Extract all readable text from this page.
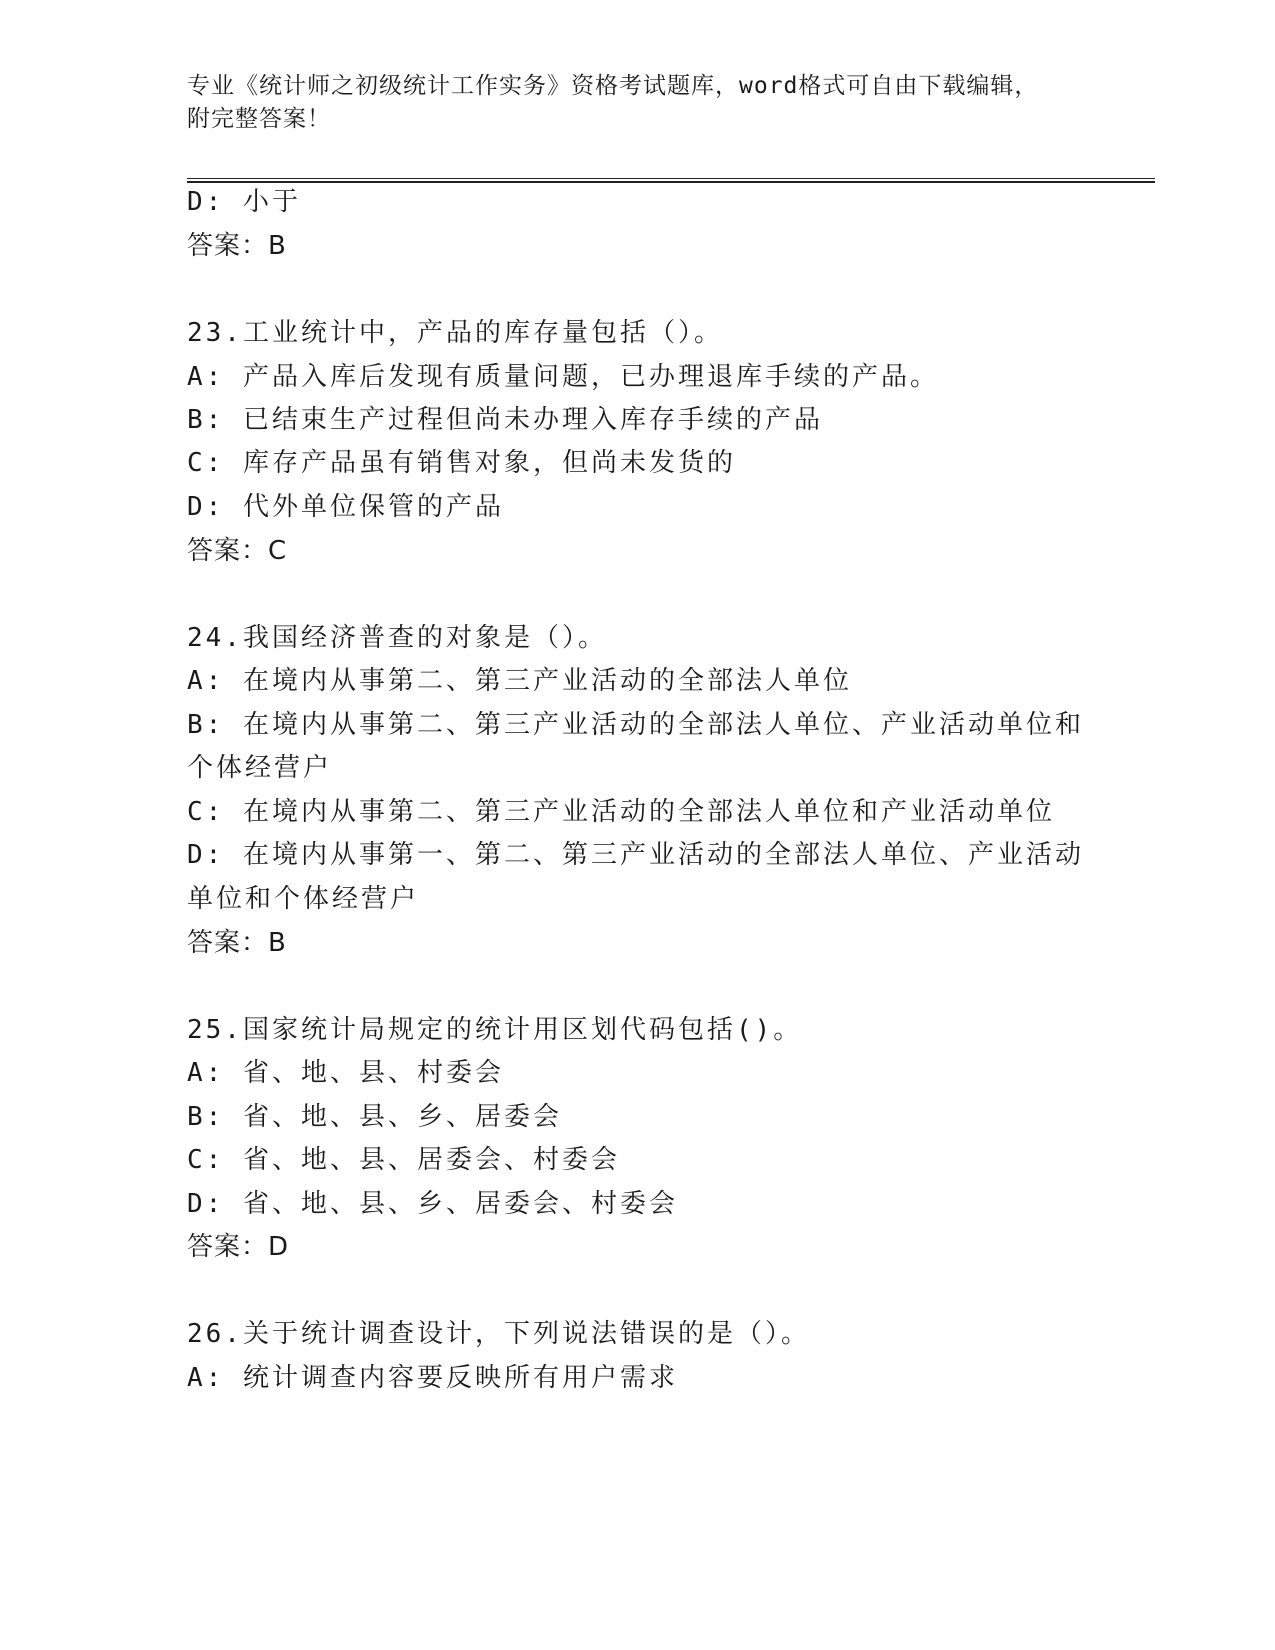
专业《统计师之初级统计工作实务》资格考试题库，word格式可自由下载编辑，
附完整答案！
D: 小于
答案：B
23.工业统计中，产品的库存量包括（）。
A: 产品入库后发现有质量问题，已办理退库手续的产品。
B: 已结束生产过程但尚未办理入库存手续的产品
C: 库存产品虽有销售对象，但尚未发货的
D: 代外单位保管的产品
答案：C
24.我国经济普查的对象是（）。
A: 在境内从事第二、第三产业活动的全部法人单位
B: 在境内从事第二、第三产业活动的全部法人单位、产业活动单位和
个体经营户
C: 在境内从事第二、第三产业活动的全部法人单位和产业活动单位
D: 在境内从事第一、第二、第三产业活动的全部法人单位、产业活动
单位和个体经营户
答案：B
25.国家统计局规定的统计用区划代码包括()。
A: 省、地、县、村委会
B: 省、地、县、乡、居委会
C: 省、地、县、居委会、村委会
D: 省、地、县、乡、居委会、村委会
答案：D
26.关于统计调查设计，下列说法错误的是（）。
A: 统计调查内容要反映所有用户需求
